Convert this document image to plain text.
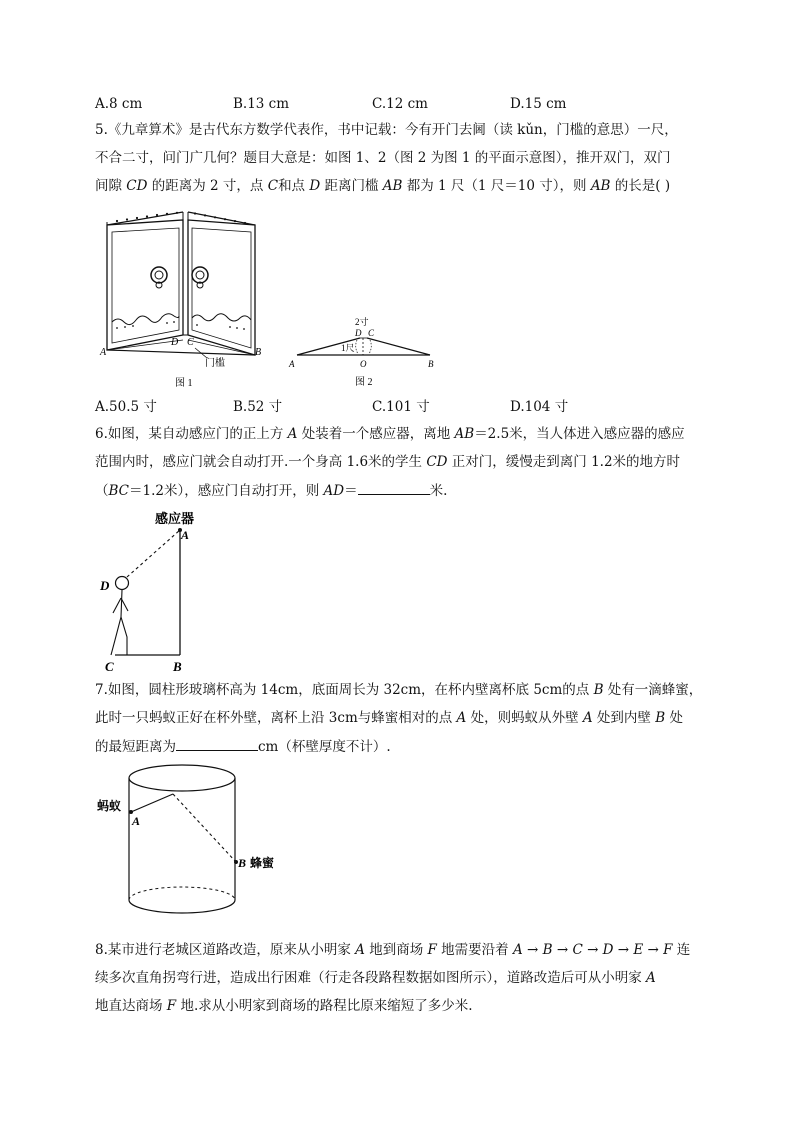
A.8 cm	B.13 cm	C.12 cm	D.15 cm
5.《九章算术》是古代东方数学代表作，书中记载：今有开门去阃（读 kǔn，门槛的意思）一尺，
不合二寸，问门广几何？题目大意是：如图 1、2（图 2 为图 1 的平面示意图），推开双门，双门
间隙 CD 的距离为 2 寸，点 C和点 D 距离门槛 AB 都为 1 尺（1 尺＝10 寸），则 AB 的长是( )
A
D C
B
门槛
图 1
2寸
D C
1尺
A	O	B
图 2
A.50.5 寸	B.52 寸	C.101 寸	D.104 寸
6.如图，某自动感应门的正上方 A 处装着一个感应器，离地 AB＝2.5米，当人体进入感应器的感应
范围内时，感应门就会自动打开.一个身高 1.6米的学生 CD 正对门，缓慢走到离门 1.2米的地方时
（BC＝1.2米），感应门自动打开，则 AD＝	米.
感应器
A
D
C	B
7.如图，圆柱形玻璃杯高为 14cm，底面周长为 32cm，在杯内壁离杯底 5cm的点 B 处有一滴蜂蜜，
此时一只蚂蚁正好在杯外壁，离杯上沿 3cm与蜂蜜相对的点 A 处，则蚂蚁从外壁 A 处到内壁 B 处
的最短距离为	cm（杯壁厚度不计）.
蚂蚁
A
B 蜂蜜
8.某市进行老城区道路改造，原来从小明家 A 地到商场 F 地需要沿着 A → B → C → D → E → F 连
续多次直角拐弯行进，造成出行困难（行走各段路程数据如图所示），道路改造后可从小明家 A
地直达商场 F 地.求从小明家到商场的路程比原来缩短了多少米.
